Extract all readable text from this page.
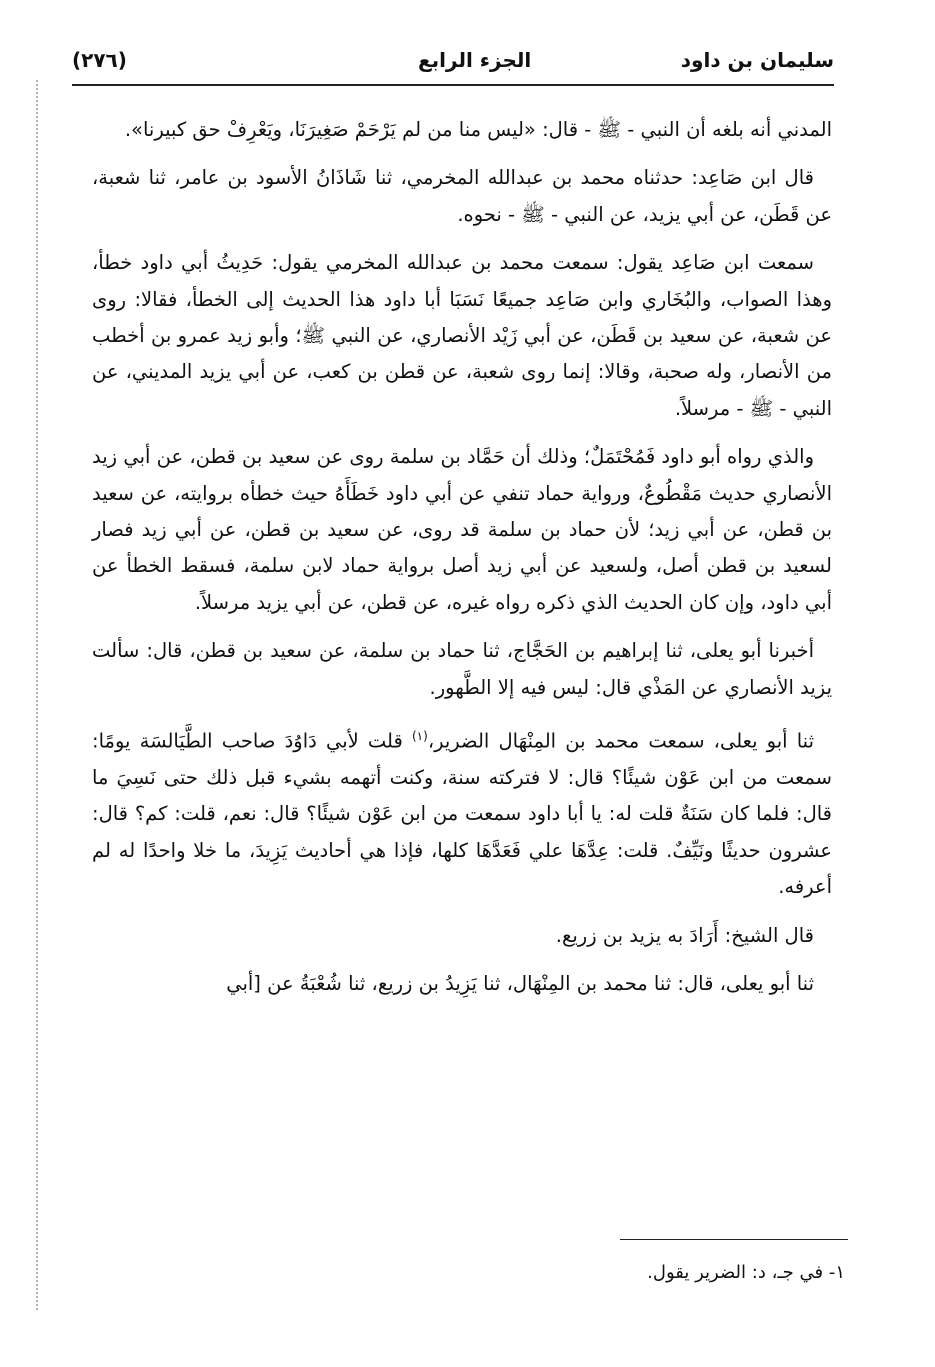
سليمان بن داود
الجزء الرابع
(٢٧٦)

المدني أنه بلغه أن النبي - ﷺ - قال: «ليس منا من لم يَرْحَمْ صَغِيرَنَا، ويَعْرِفْ حق كبيرنا».

قال ابن صَاعِد: حدثناه محمد بن عبدالله المخرمي، ثنا شَاذَانُ الأسود بن عامر، ثنا شعبة، عن قَطَن، عن أبي يزيد، عن النبي - ﷺ - نحوه.

سمعت ابن صَاعِد يقول: سمعت محمد بن عبدالله المخرمي يقول: حَدِيثُ أبي داود خطأ، وهذا الصواب، والبُخَاري وابن صَاعِد جميعًا نَسَبَا أبا داود هذا الحديث إلى الخطأ، فقالا: روى عن شعبة، عن سعيد بن قَطَن، عن أبي زَيْد الأنصاري، عن النبي ﷺ؛ وأبو زيد عمرو بن أخطب من الأنصار، وله صحبة، وقالا: إنما روى شعبة، عن قطن بن كعب، عن أبي يزيد المديني، عن النبي - ﷺ - مرسلاً.

والذي رواه أبو داود فَمُحْتَمَلٌ؛ وذلك أن حَمَّاد بن سلمة روى عن سعيد بن قطن، عن أبي زيد الأنصاري حديث مَقْطُوعٌ، ورواية حماد تنفي عن أبي داود خَطَأَهُ حيث خطأه بروايته، عن سعيد بن قطن، عن أبي زيد؛ لأن حماد بن سلمة قد روى، عن سعيد بن قطن، عن أبي زيد فصار لسعيد بن قطن أصل، ولسعيد عن أبي زيد أصل برواية حماد لابن سلمة، فسقط الخطأ عن أبي داود، وإن كان الحديث الذي ذكره رواه غيره، عن قطن، عن أبي يزيد مرسلاً.

أخبرنا أبو يعلى، ثنا إبراهيم بن الحَجَّاج، ثنا حماد بن سلمة، عن سعيد بن قطن، قال: سألت يزيد الأنصاري عن المَذْي قال: ليس فيه إلا الطَّهور.

ثنا أبو يعلى، سمعت محمد بن المِنْهَال الضرير،$^{(١)}$ قلت لأبي دَاوُدَ صاحب الطَّيَالسَة يومًا: سمعت من ابن عَوْن شيئًا؟ قال: لا فتركته سنة، وكنت أتهمه بشيء قبل ذلك حتى نَسِيَ ما قال: فلما كان سَنَةٌ قلت له: يا أبا داود سمعت من ابن عَوْن شيئًا؟ قال: نعم، قلت: كم؟ قال: عشرون حديثًا ونَيِّفٌ. قلت: عِدَّهَا علي فَعَدَّهَا كلها، فإذا هي أحاديث يَزِيدَ، ما خلا واحدًا له لم أعرفه.

قال الشيخ: أَرَادَ به يزيد بن زريع.

ثنا أبو يعلى، قال: ثنا محمد بن المِنْهَال، ثنا يَزِيدُ بن زريع، ثنا شُعْبَةُ عن [أبي

١- في جـ، د: الضرير يقول.
